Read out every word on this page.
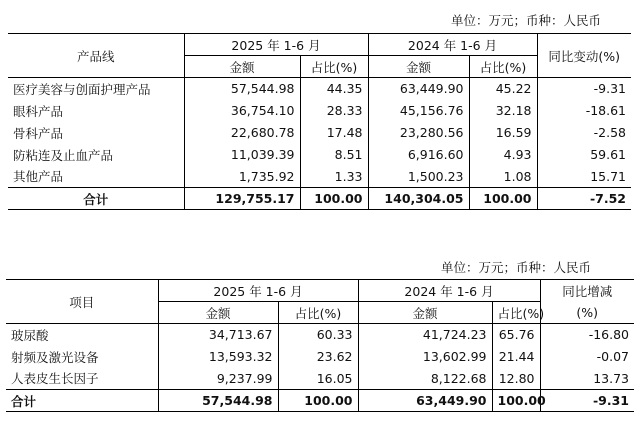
单位：万元；币种：人民币
产品线	2025 年 1-6 月		2024 年 1-6 月		同比变动(%)
	金额	占比(%)	金额	占比(%)	
医疗美容与创面护理产品	57,544.98	44.35	63,449.90	45.22	-9.31
眼科产品	36,754.10	28.33	45,156.76	32.18	-18.61
骨科产品	22,680.78	17.48	23,280.56	16.59	-2.58
防粘连及止血产品	11,039.39	8.51	6,916.60	4.93	59.61
其他产品	1,735.92	1.33	1,500.23	1.08	15.71
合计	129,755.17	100.00	140,304.05	100.00	-7.52
单位：万元；币种：人民币
项目	2025 年 1-6 月		2024 年 1-6 月		同比增减
	金额	占比(%)	金额	占比(%)	(%)
玻尿酸	34,713.67	60.33	41,724.23	65.76	-16.80
射频及激光设备	13,593.32	23.62	13,602.99	21.44	-0.07
人表皮生长因子	9,237.99	16.05	8,122.68	12.80	13.73
合计	57,544.98	100.00	63,449.90	100.00	-9.31
